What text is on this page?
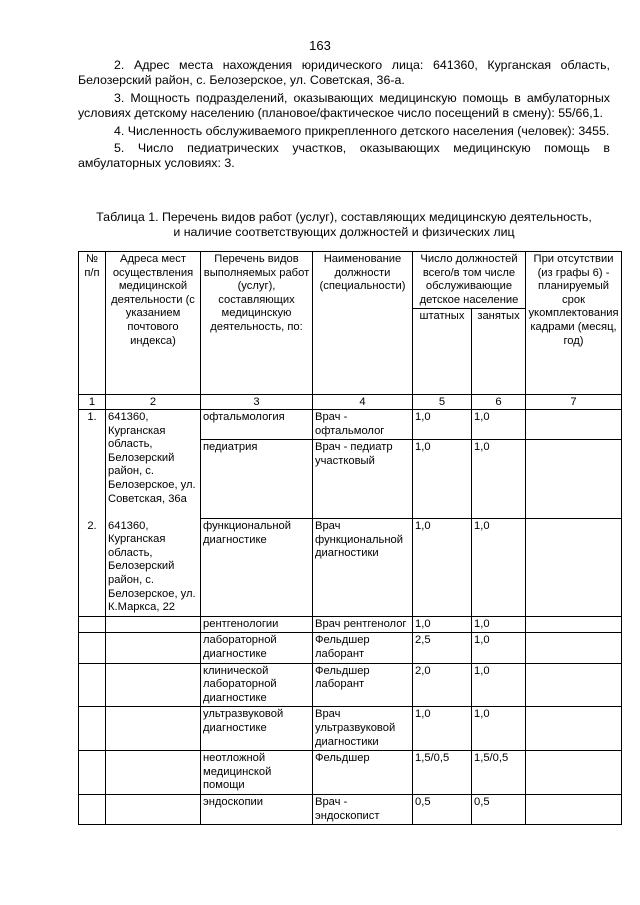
163

2. Адрес места нахождения юридического лица: 641360, Курганская область, Белозерский район, с. Белозерское, ул. Советская, 36-а.

3. Мощность подразделений, оказывающих медицинскую помощь в амбулаторных условиях детскому населению (плановое/фактическое число посещений в смену): 55/66,1.

4. Численность обслуживаемого прикрепленного детского населения (человек): 3455.

5. Число педиатрических участков, оказывающих медицинскую помощь в амбулаторных условиях: 3.

Таблица 1. Перечень видов работ (услуг), составляющих медицинскую деятельность,
и наличие соответствующих должностей и физических лиц
№ п/п	Адреса мест осуществления медицинской деятельности (с указанием почтового индекса)	Перечень видов выполняемых работ (услуг), составляющих медицинскую деятельность, по:	Наименование должности (специальности)	Число должностей всего/в том числе обслуживающие детское население		При отсутствии (из графы 6) - планируемый срок укомплектования кадрами (месяц, год)
				штатных	занятых	
1	2	3	4	5	6	7
1.	641360, Курганская область, Белозерский район, с. Белозерское, ул. Советская, 36а	офтальмология	Врач - офтальмолог	1,0	1,0	
		педиатрия	Врач - педиатр участковый	1,0	1,0	
2.	641360, Курганская область, Белозерский район, с. Белозерское, ул. К.Маркса, 22	функциональной диагностике	Врач функциональной диагностики	1,0	1,0	
		рентгенологии	Врач рентгенолог	1,0	1,0	
		лабораторной диагностике	Фельдшер лаборант	2,5	1,0	
		клинической лабораторной диагностике	Фельдшер лаборант	2,0	1,0	
		ультразвуковой диагностике	Врач ультразвуковой диагностики	1,0	1,0	
		неотложной медицинской помощи	Фельдшер	1,5/0,5	1,5/0,5	
		эндоскопии	Врач - эндоскопист	0,5	0,5	
